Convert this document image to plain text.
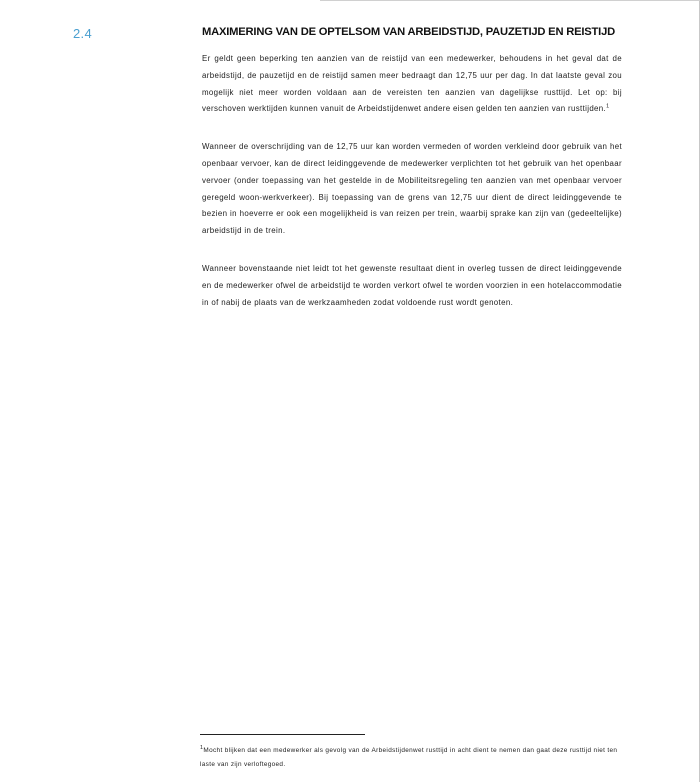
2.4	MAXIMERING VAN DE OPTELSOM VAN ARBEIDSTIJD, PAUZETIJD EN REISTIJD

Er geldt geen beperking ten aanzien van de reistijd van een medewerker, behoudens in het geval dat de arbeidstijd, de pauzetijd en de reistijd samen meer bedraagt dan 12,75 uur per dag. In dat laatste geval zou mogelijk niet meer worden voldaan aan de vereisten ten aanzien van dagelijkse rusttijd. Let op: bij verschoven werktijden kunnen vanuit de Arbeidstijdenwet andere eisen gelden ten aanzien van rusttijden.$^1$

Wanneer de overschrijding van de 12,75 uur kan worden vermeden of worden verkleind door gebruik van het openbaar vervoer, kan de direct leidinggevende de medewerker verplichten tot het gebruik van het openbaar vervoer (onder toepassing van het gestelde in de Mobiliteitsregeling ten aanzien van met openbaar vervoer geregeld woon-werkverkeer). Bij toepassing van de grens van 12,75 uur dient de direct leidinggevende te bezien in hoeverre er ook een mogelijkheid is van reizen per trein, waarbij sprake kan zijn van (gedeeltelijke) arbeidstijd in de trein.

Wanneer bovenstaande niet leidt tot het gewenste resultaat dient in overleg tussen de direct leidinggevende en de medewerker ofwel de arbeidstijd te worden verkort ofwel te worden voorzien in een hotelaccommodatie in of nabij de plaats van de werkzaamheden zodat voldoende rust wordt genoten.

1Mocht blijken dat een medewerker als gevolg van de Arbeidstijdenwet rusttijd in acht dient te nemen dan gaat deze rusttijd niet ten laste van zijn verloftegoed.
